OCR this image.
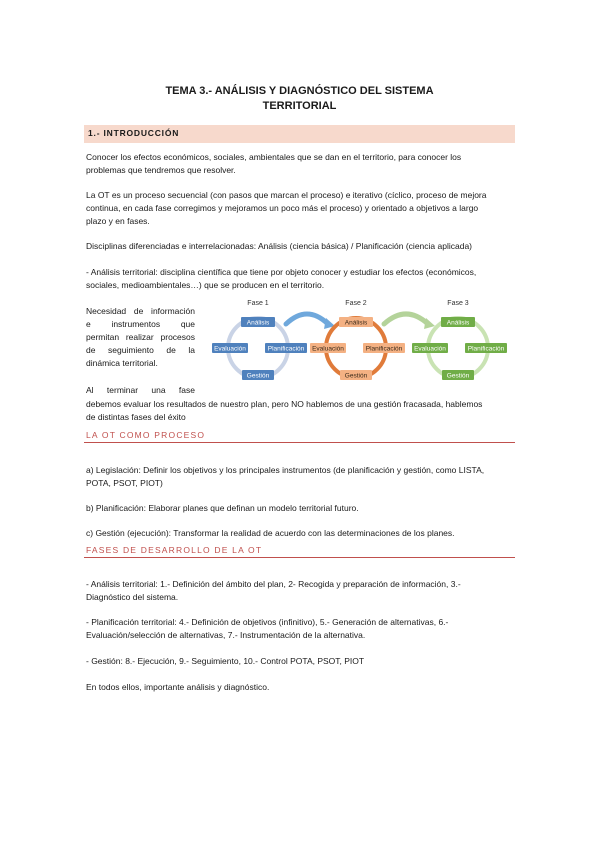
TEMA 3.- ANÁLISIS Y DIAGNÓSTICO DEL SISTEMA
TERRITORIAL
1.- INTRODUCCIÓN
Conocer los efectos económicos, sociales, ambientales que se dan en el territorio, para conocer los
problemas que tendremos que resolver.
La OT es un proceso secuencial (con pasos que marcan el proceso) e iterativo (cíclico, proceso de mejora
continua, en cada fase corregimos y mejoramos un poco más el proceso) y orientado a objetivos a largo
plazo y en fases.
Disciplinas diferenciadas e interrelacionadas: Análisis (ciencia básica) / Planificación (ciencia aplicada)
- Análisis territorial: disciplina científica que tiene por objeto conocer y estudiar los efectos (económicos,
sociales, medioambientales…) que se producen en el territorio.
Necesidad de información
e instrumentos que
permitan realizar procesos
de seguimiento de la
dinámica territorial.
Al terminar una fase
Fase 1
Análisis
Evaluación	Planificación
Gestión
Fase 2
Análisis
Evaluación	Planificación
Gestión
Fase 3
Análisis
Evaluación	Planificación
Gestión
debemos evaluar los resultados de nuestro plan, pero NO hablemos de una gestión fracasada, hablemos
de distintas fases del éxito
LA OT COMO PROCESO
a) Legislación: Definir los objetivos y los principales instrumentos (de planificación y gestión, como LISTA,
POTA, PSOT, PIOT)
b) Planificación: Elaborar planes que definan un modelo territorial futuro.
c) Gestión (ejecución): Transformar la realidad de acuerdo con las determinaciones de los planes.
FASES DE DESARROLLO DE LA OT
- Análisis territorial: 1.- Definición del ámbito del plan, 2- Recogida y preparación de información, 3.-
Diagnóstico del sistema.
- Planificación territorial: 4.- Definición de objetivos (infinitivo), 5.- Generación de alternativas, 6.-
Evaluación/selección de alternativas, 7.- Instrumentación de la alternativa.
- Gestión: 8.- Ejecución, 9.- Seguimiento, 10.- Control POTA, PSOT, PIOT
En todos ellos, importante análisis y diagnóstico.
